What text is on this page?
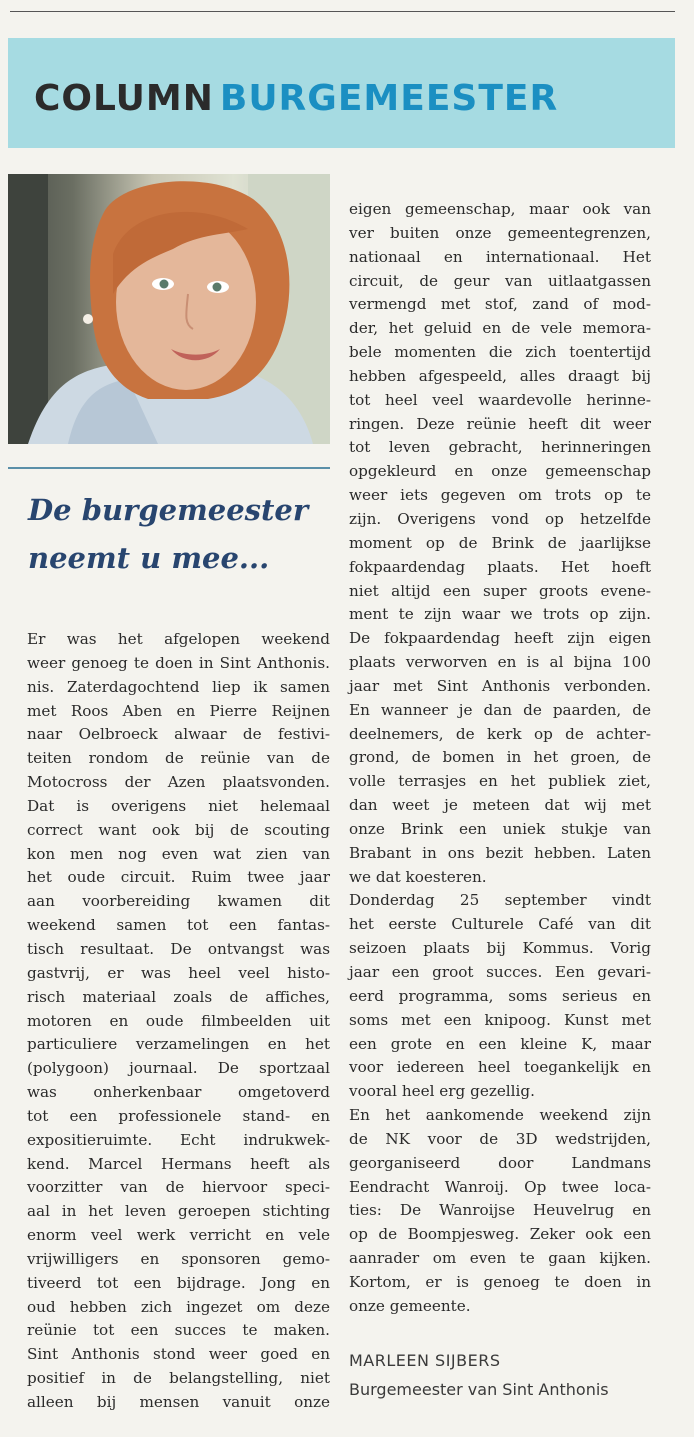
COLUMN BURGEMEESTER
De burgemeester
neemt u mee...
Er was het afgelopen weekend
weer genoeg te doen in Sint Anthonis.
nis. Zaterdagochtend liep ik samen
met Roos Aben en Pierre Reijnen
naar Oelbroeck alwaar de festivi-
teiten rondom de reünie van de
Motocross der Azen plaatsvonden.
Dat is overigens niet helemaal
correct want ook bij de scouting
kon men nog even wat zien van
het oude circuit. Ruim twee jaar
aan voorbereiding kwamen dit
weekend samen tot een fantas-
tisch resultaat. De ontvangst was
gastvrij, er was heel veel histo-
risch materiaal zoals de affiches,
motoren en oude filmbeelden uit
particuliere verzamelingen en het
(polygoon) journaal. De sportzaal
was onherkenbaar omgetoverd
tot een professionele stand- en
expositieruimte. Echt indrukwek-
kend. Marcel Hermans heeft als
voorzitter van de hiervoor speci-
aal in het leven geroepen stichting
enorm veel werk verricht en vele
vrijwilligers en sponsoren gemo-
tiveerd tot een bijdrage. Jong en
oud hebben zich ingezet om deze
reünie tot een succes te maken.
Sint Anthonis stond weer goed en
positief in de belangstelling, niet
alleen bij mensen vanuit onze
eigen gemeenschap, maar ook van
ver buiten onze gemeentegrenzen,
nationaal en internationaal. Het
circuit, de geur van uitlaatgassen
vermengd met stof, zand of mod-
der, het geluid en de vele memora-
bele momenten die zich toentertijd
hebben afgespeeld, alles draagt bij
tot heel veel waardevolle herinne-
ringen. Deze reünie heeft dit weer
tot leven gebracht, herinneringen
opgekleurd en onze gemeenschap
weer iets gegeven om trots op te
zijn. Overigens vond op hetzelfde
moment op de Brink de jaarlijkse
fokpaardendag plaats. Het hoeft
niet altijd een super groots evene-
ment te zijn waar we trots op zijn.
De fokpaardendag heeft zijn eigen
plaats verworven en is al bijna 100
jaar met Sint Anthonis verbonden.
En wanneer je dan de paarden, de
deelnemers, de kerk op de achter-
grond, de bomen in het groen, de
volle terrasjes en het publiek ziet,
dan weet je meteen dat wij met
onze Brink een uniek stukje van
Brabant in ons bezit hebben. Laten
we dat koesteren.
Donderdag 25 september vindt
het eerste Culturele Café van dit
seizoen plaats bij Kommus. Vorig
jaar een groot succes. Een gevari-
eerd programma, soms serieus en
soms met een knipoog. Kunst met
een grote en een kleine K, maar
voor iedereen heel toegankelijk en
vooral heel erg gezellig.
En het aankomende weekend zijn
de NK voor de 3D wedstrijden,
georganiseerd door Landmans
Eendracht Wanroij. Op twee loca-
ties: De Wanroijse Heuvelrug en
op de Boompjesweg. Zeker ook een
aanrader om even te gaan kijken.
Kortom, er is genoeg te doen in
onze gemeente.

MARLEEN SIJBERS

Burgemeester van Sint Anthonis
